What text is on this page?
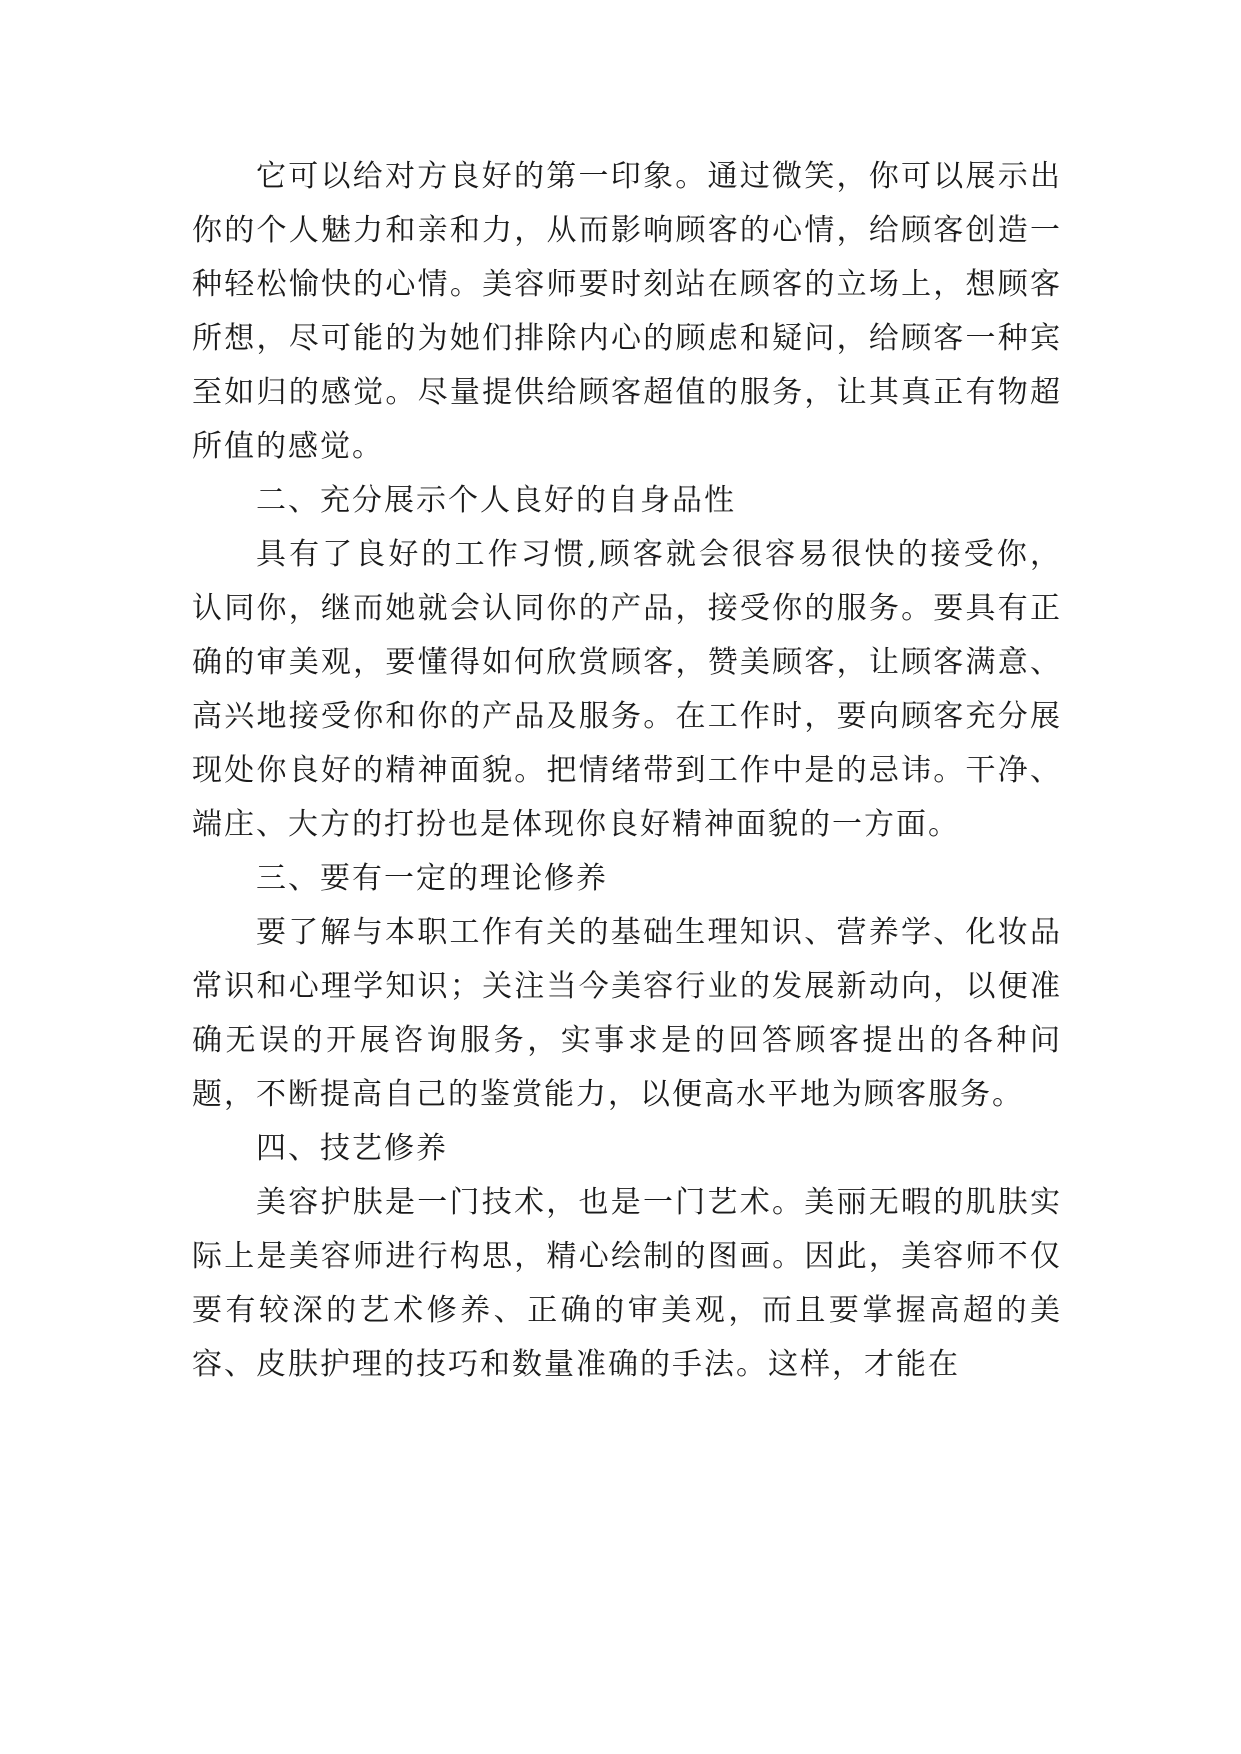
它可以给对方良好的第一印象。通过微笑，你可以展示出你的个人魅力和亲和力，从而影响顾客的心情，给顾客创造一种轻松愉快的心情。美容师要时刻站在顾客的立场上，想顾客所想，尽可能的为她们排除内心的顾虑和疑问，给顾客一种宾至如归的感觉。尽量提供给顾客超值的服务，让其真正有物超所值的感觉。

二、充分展示个人良好的自身品性

具有了良好的工作习惯,顾客就会很容易很快的接受你，认同你，继而她就会认同你的产品，接受你的服务。要具有正确的审美观，要懂得如何欣赏顾客，赞美顾客，让顾客满意、高兴地接受你和你的产品及服务。在工作时，要向顾客充分展现处你良好的精神面貌。把情绪带到工作中是的忌讳。干净、端庄、大方的打扮也是体现你良好精神面貌的一方面。

三、要有一定的理论修养

要了解与本职工作有关的基础生理知识、营养学、化妆品常识和心理学知识；关注当今美容行业的发展新动向，以便准确无误的开展咨询服务，实事求是的回答顾客提出的各种问题，不断提高自己的鉴赏能力，以便高水平地为顾客服务。

四、技艺修养

美容护肤是一门技术，也是一门艺术。美丽无暇的肌肤实际上是美容师进行构思，精心绘制的图画。因此，美容师不仅要有较深的艺术修养、正确的审美观，而且要掌握高超的美容、皮肤护理的技巧和数量准确的手法。这样，才能在
